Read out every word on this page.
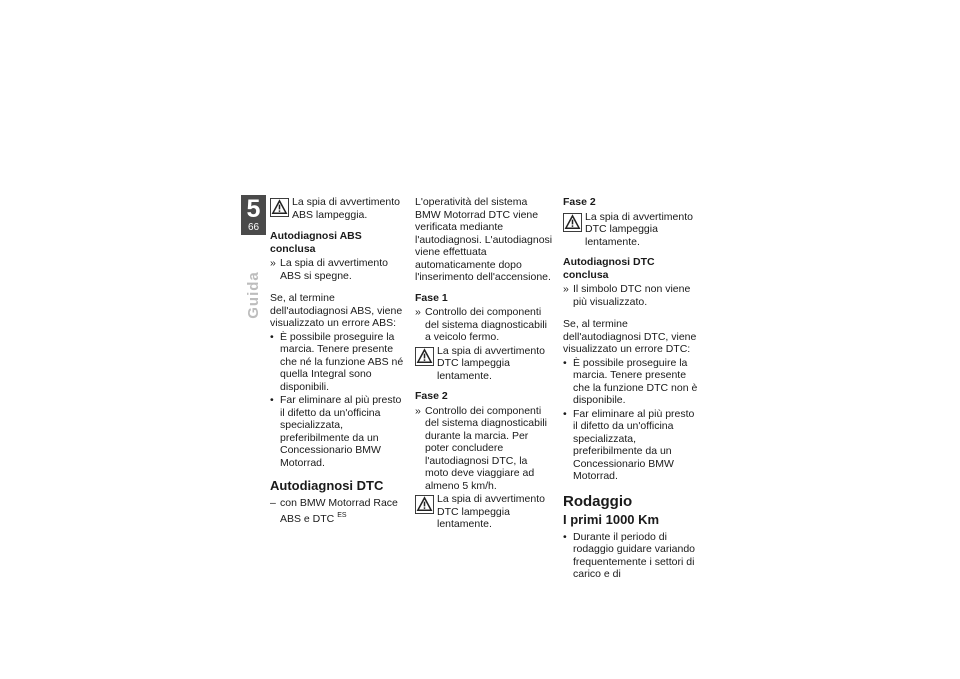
5
66
Guida
La spia di avvertimento ABS lampeggia.
Autodiagnosi ABS conclusa
» La spia di avvertimento ABS si spegne.
Se, al termine dell'autodiagnosi ABS, viene visualizzato un errore ABS:
• È possibile proseguire la marcia. Tenere presente che né la funzione ABS né quella Integral sono disponibili.
• Far eliminare al più presto il difetto da un'officina specializzata, preferibilmente da un Concessionario BMW Motorrad.
Autodiagnosi DTC
– con BMW Motorrad Race ABS e DTC $^{ES}$
L'operatività del sistema BMW Motorrad DTC viene verificata mediante l'autodiagnosi. L'autodiagnosi viene effettuata automaticamente dopo l'inserimento dell'accensione.
Fase 1
» Controllo dei componenti del sistema diagnosticabili a veicolo fermo.
La spia di avvertimento DTC lampeggia lentamente.
Fase 2
» Controllo dei componenti del sistema diagnosticabili durante la marcia. Per poter concludere l'autodiagnosi DTC, la moto deve viaggiare ad almeno 5 km/h.
La spia di avvertimento DTC lampeggia lentamente.
Fase 2
La spia di avvertimento DTC lampeggia lentamente.
Autodiagnosi DTC conclusa
» Il simbolo DTC non viene più visualizzato.
Se, al termine dell'autodiagnosi DTC, viene visualizzato un errore DTC:
• È possibile proseguire la marcia. Tenere presente che la funzione DTC non è disponibile.
• Far eliminare al più presto il difetto da un'officina specializzata, preferibilmente da un Concessionario BMW Motorrad.
Rodaggio
I primi 1000 Km
• Durante il periodo di rodaggio guidare variando frequentemente i settori di carico e di
